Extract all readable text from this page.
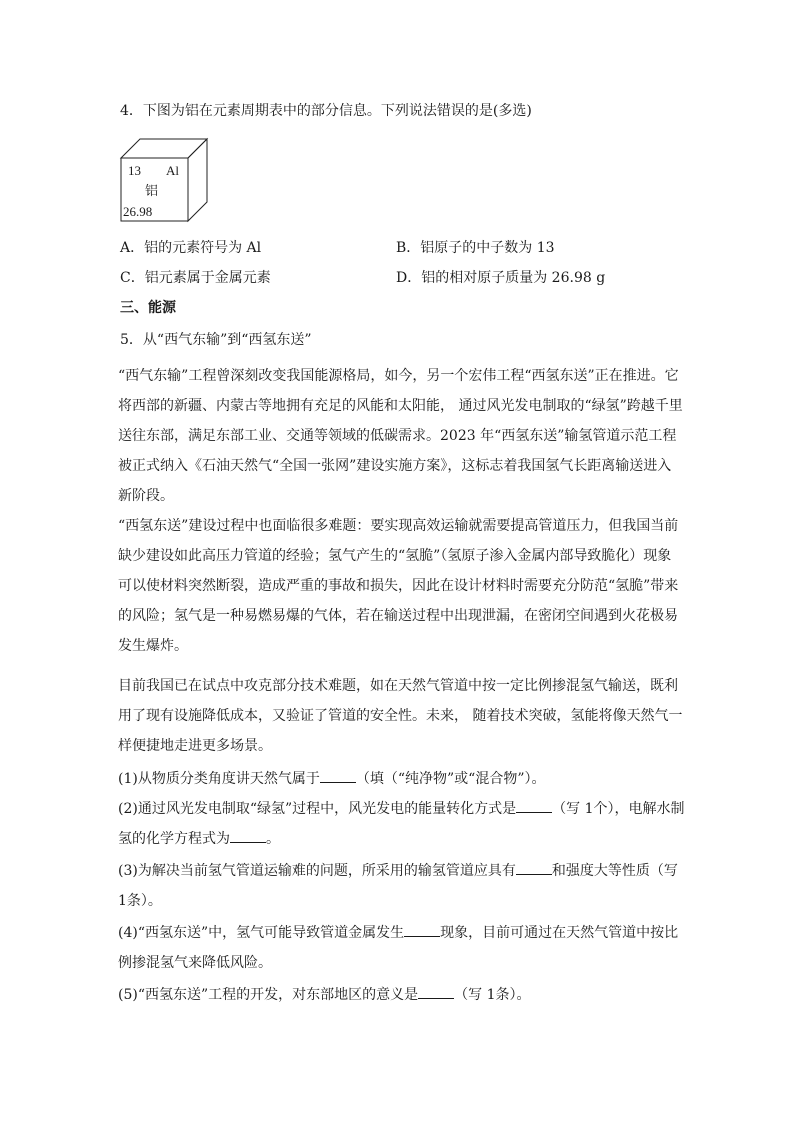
4．下图为铝在元素周期表中的部分信息。下列说法错误的是(多选)
13 Al
铝
26.98
A．铝的元素符号为 Al	B．铝原子的中子数为 13
C．铝元素属于金属元素	D．铝的相对原子质量为 26.98 g
三、能源
5．从“西气东输”到“西氢东送”
“西气东输”工程曾深刻改变我国能源格局，如今，另一个宏伟工程“西氢东送”正在推进。它
将西部的新疆、内蒙古等地拥有充足的风能和太阳能， 通过风光发电制取的“绿氢”跨越千里
送往东部，满足东部工业、交通等领域的低碳需求。2023 年“西氢东送”输氢管道示范工程
被正式纳入《石油天然气“全国一张网”建设实施方案》，这标志着我国氢气长距离输送进入
新阶段。
“西氢东送”建设过程中也面临很多难题：要实现高效运输就需要提高管道压力，但我国当前
缺少建设如此高压力管道的经验；氢气产生的“氢脆”（氢原子渗入金属内部导致脆化）现象
可以使材料突然断裂，造成严重的事故和损失，因此在设计材料时需要充分防范“氢脆”带来
的风险；氢气是一种易燃易爆的气体，若在输送过程中出现泄漏，在密闭空间遇到火花极易
发生爆炸。
目前我国已在试点中攻克部分技术难题，如在天然气管道中按一定比例掺混氢气输送，既利
用了现有设施降低成本，又验证了管道的安全性。未来， 随着技术突破，氢能将像天然气一
样便捷地走进更多场景。
(1)从物质分类角度讲天然气属于	（填（“纯净物”或“混合物”）。
(2)通过风光发电制取“绿氢”过程中，风光发电的能量转化方式是	（写 1个），电解水制
氢的化学方程式为	。
(3)为解决当前氢气管道运输难的问题，所采用的输氢管道应具有	和强度大等性质（写
1条）。
(4)“西氢东送”中，氢气可能导致管道金属发生	现象，目前可通过在天然气管道中按比
例掺混氢气来降低风险。
(5)“西氢东送”工程的开发，对东部地区的意义是	（写 1条）。
